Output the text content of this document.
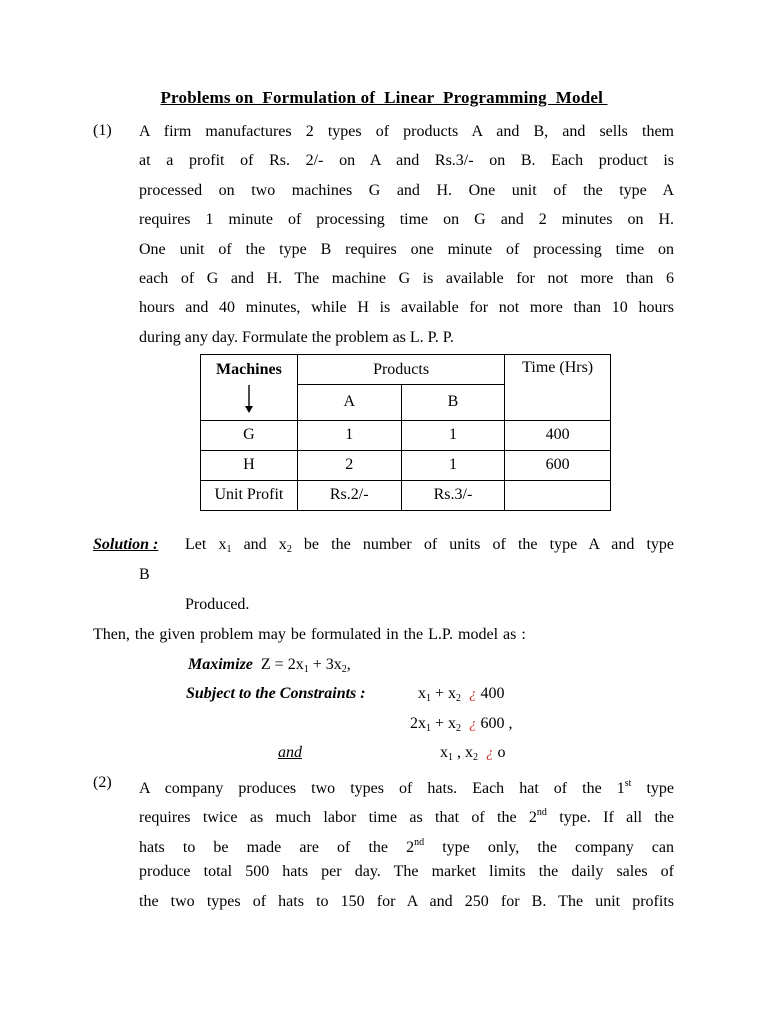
Problems on  Formulation of  Linear  Programming  Model
(1) A firm manufactures 2 types of products A and B, and sells them
at a profit of Rs. 2/- on A and Rs.3/- on B. Each product is
processed on two machines G and H. One unit of the type A
requires 1 minute of processing time on G and 2 minutes on H.
One unit of the type B requires one minute of processing time on
each of G and H. The machine G is available for not more than 6
hours and 40 minutes, while H is available for not more than 10 hours
during any day. Formulate the problem as L. P. P.
Machines	Products		Time (Hrs)
	A	B	
G	1	1	400
H	2	1	600
Unit Profit	Rs.2/-	Rs.3/-	
Solution : Let $x_1$ and $x_2$ be the number of units of the type A and type
B
Produced.
Then, the given problem may be formulated in the L.P. model as :
Maximize $Z = 2x_1 + 3x_2$,
Subject to the Constraints :	$x_1 + x_2$ ¿ 400
$2x_1 + x_2$ ¿ 600 ,
and	$x_1$ , $x_2$ ¿ o
(2) A company produces two types of hats. Each hat of the 1st type
requires twice as much labor time as that of the 2nd type. If all the
hats to be made are of the 2nd type only, the company can
produce total 500 hats per day. The market limits the daily sales of
the two types of hats to 150 for A and 250 for B. The unit profits
